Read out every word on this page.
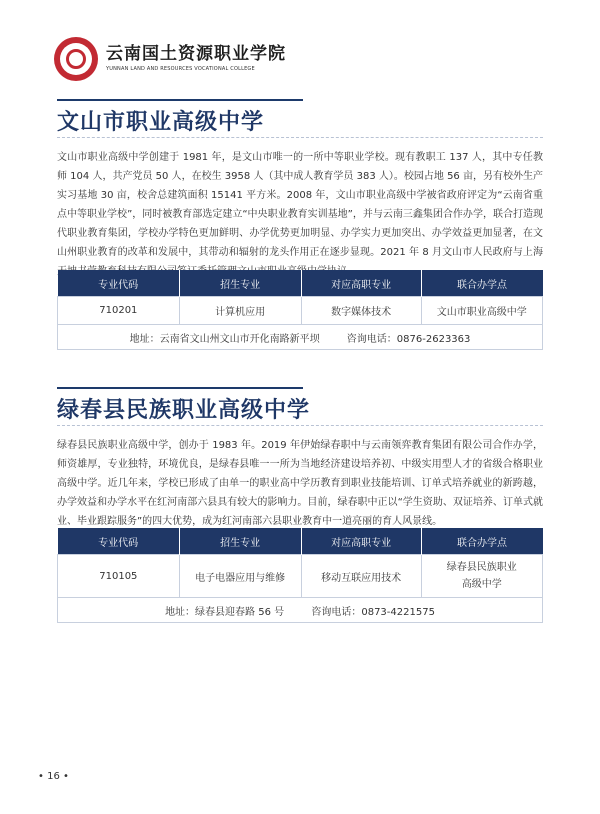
云南国土资源职业学院
YUNNAN LAND AND RESOURCES VOCATIONAL COLLEGE
文山市职业高级中学

文山市职业高级中学创建于 1981 年，是文山市唯一的一所中等职业学校。现有教职工 137 人，其中专任教师 104 人，共产党员 50 人，在校生 3958 人（其中成人教育学员 383 人）。校园占地 56 亩，另有校外生产实习基地 30 亩，校舍总建筑面积 15141 平方米。2008 年，文山市职业高级中学被省政府评定为“云南省重点中等职业学校”，同时被教育部选定建立“中央职业教育实训基地”，并与云南三鑫集团合作办学，联合打造现代职业教育集团，学校办学特色更加鲜明、办学优势更加明显、办学实力更加突出、办学效益更加显著，在文山州职业教育的改革和发展中，其带动和辐射的龙头作用正在逐步显现。2021 年 8 月文山市人民政府与上海

专业代码	招生专业	对应高职专业	联合办学点
710201	计算机应用	数字媒体技术	文山市职业高级中学
地址：云南省文山州文山市开化南路新平坝 咨询电话：0876-2623363			
绿春县民族职业高级中学

绿春县民族职业高级中学，创办于 1983 年。2019 年伊始绿春职中与云南领弈教育集团有限公司合作办学，师资雄厚，专业独特，环境优良，是绿春县唯一一所为当地经济建设培养初、中级实用型人才的省级合格职业高级中学。近几年来，学校已形成了由单一的职业高中学历教育到职业技能培训、订单式培养就业的新跨越，办学效益和办学水平在红河南部六县具有较大的影响力。目前，绿春职中正以“学生资助、双证培养、订单式就业、毕业跟踪服务”的四大优势，成为红河南部六县职业教育中一道亮丽的育人风景线。

专业代码	招生专业	对应高职专业	联合办学点
710105	电子电器应用与维修	移动互联应用技术	绿春县民族职业
高级中学
地址：绿春县迎春路 56 号 咨询电话：0873-4221575			
• 16 •
